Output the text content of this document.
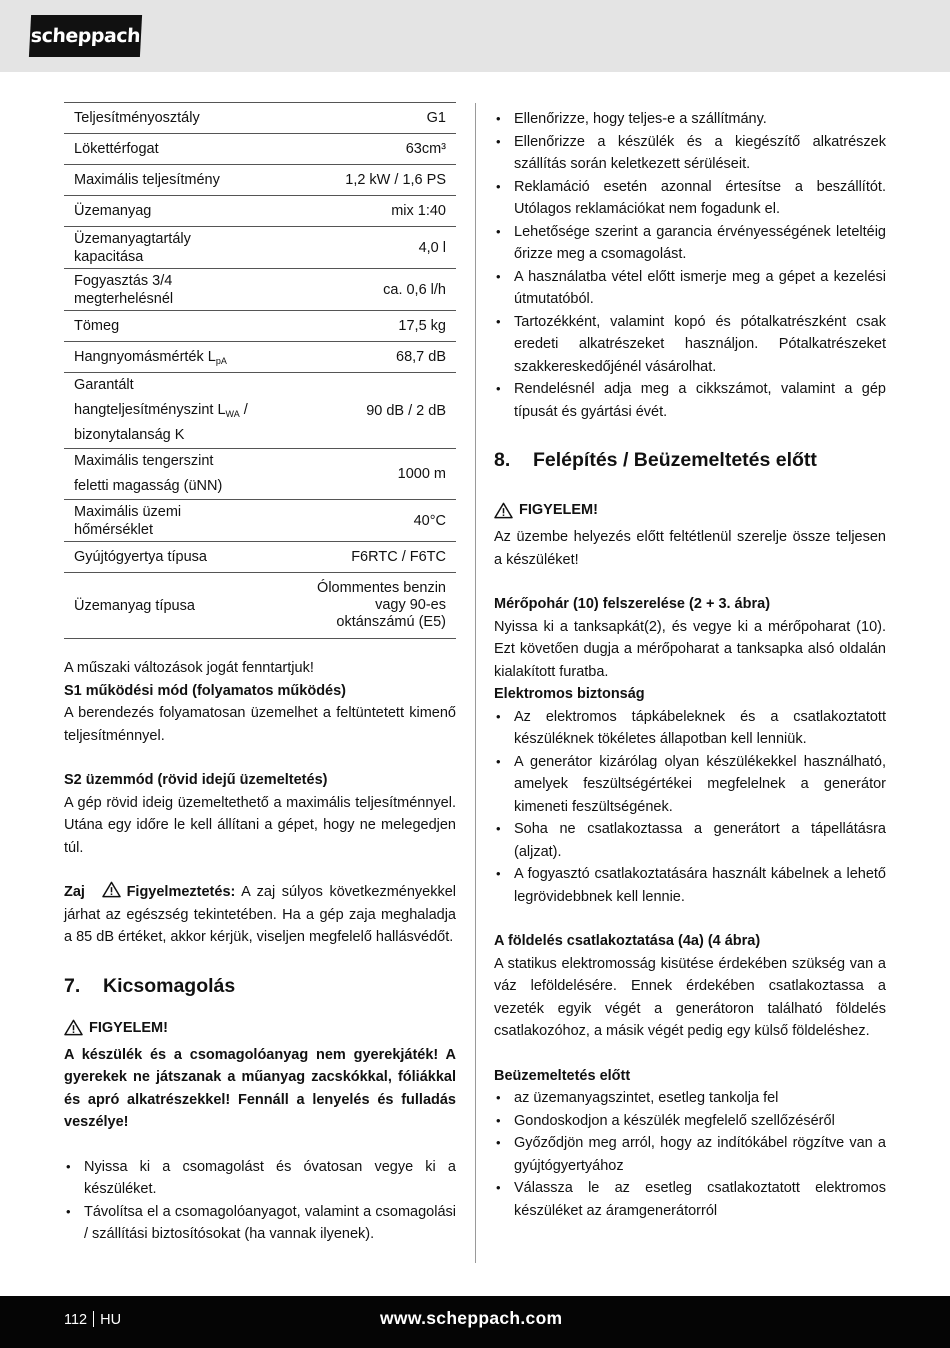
scheppach
Teljesítményosztály	G1
Lökettérfogat	63cm³
Maximális teljesítmény	1,2 kW / 1,6 PS
Üzemanyag	mix 1:40
Üzemanyagtartály kapacitása	4,0 l
Fogyasztás 3/4 megterhelésnél	ca. 0,6 l/h
Tömeg	17,5 kg
Hangnyomásmérték $L_{pA}$	68,7 dB

Garantált
hangteljesítményszint $L_{WA}$ /
bizonytalanság K	90 dB / 2 dB

Maximális tengerszint
feletti magasság (üNN)	1000 m
Maximális üzemi hőmérséklet	40°C
Gyújtógyertya típusa	F6RTC / F6TC
Üzemanyag típusa	Ólommentes benzin vagy 90-es oktánszámú (E5)

A műszaki változások jogát fenntartjuk!

S1 működési mód (folyamatos működés)

A berendezés folyamatosan üzemelhet a feltüntetett kimenő teljesítménnyel.

S2 üzemmód (rövid idejű üzemeltetés)

A gép rövid ideig üzemeltethető a maximális teljesítménnyel. Utána egy időre le kell állítani a gépet, hogy ne melegedjen túl.

Zaj	Figyelmeztetés: A zaj súlyos következményekkel járhat az egészség tekintetében. Ha a gép zaja meghaladja a 85 dB értéket, akkor kérjük, viseljen megfelelő hallásvédőt.

7.	Kicsomagolás
FIGYELEM!

A készülék és a csomagolóanyag nem gyerekjáték! A gyerekek ne játszanak a műanyag zacskókkal, fóliákkal és apró alkatrészekkel! Fennáll a lenyelés és fulladás veszélye!

• Nyissa ki a csomagolást és óvatosan vegye ki a készüléket.
• Távolítsa el a csomagolóanyagot, valamint a csomagolási / szállítási biztosítósokat (ha vannak ilyenek).
• Ellenőrizze, hogy teljes-e a szállítmány.
• Ellenőrizze a készülék és a kiegészítő alkatrészek szállítás során keletkezett sérüléseit.
• Reklamáció esetén azonnal értesítse a beszállítót. Utólagos reklamációkat nem fogadunk el.
• Lehetősége szerint a garancia érvényességének leteltéig őrizze meg a csomagolást.
• A használatba vétel előtt ismerje meg a gépet a kezelési útmutatóból.
• Tartozékként, valamint kopó és pótalkatrészként csak eredeti alkatrészeket használjon. Pótalkatrészeket szakkereskedőjénél vásárolhat.
• Rendelésnél adja meg a cikkszámot, valamint a gép típusát és gyártási évét.
8.	Felépítés / Beüzemeltetés előtt
FIGYELEM!

Az üzembe helyezés előtt feltétlenül szerelje össze teljesen a készüléket!

Mérőpohár (10) felszerelése (2 + 3. ábra)

Nyissa ki a tanksapkát(2), és vegye ki a mérőpoharat (10). Ezt követően dugja a mérőpoharat a tanksapka alsó oldalán kialakított furatba.

Elektromos biztonság

• Az elektromos tápkábeleknek és a csatlakoztatott készüléknek tökéletes állapotban kell lenniük.
• A generátor kizárólag olyan készülékekkel használható, amelyek feszültségértékei megfelelnek a generátor kimeneti feszültségének.
• Soha ne csatlakoztassa a generátort a tápellátásra (aljzat).
• A fogyasztó csatlakoztatására használt kábelnek a lehető legrövidebbnek kell lennie.

A földelés csatlakoztatása (4a) (4 ábra)

A statikus elektromosság kisütése érdekében szükség van a váz leföldelésére. Ennek érdekében csatlakoztassa a vezeték egyik végét a generátoron található földelés csatlakozóhoz, a másik végét pedig egy külső földeléshez.

Beüzemeltetés előtt

• az üzemanyagszintet, esetleg tankolja fel
• Gondoskodjon a készülék megfelelő szellőzéséről
• Győződjön meg arról, hogy az indítókábel rögzítve van a gyújtógyertyához
• Válassza le az esetleg csatlakoztatott elektromos készüléket az áramgenerátorról
112 HU	www.scheppach.com
